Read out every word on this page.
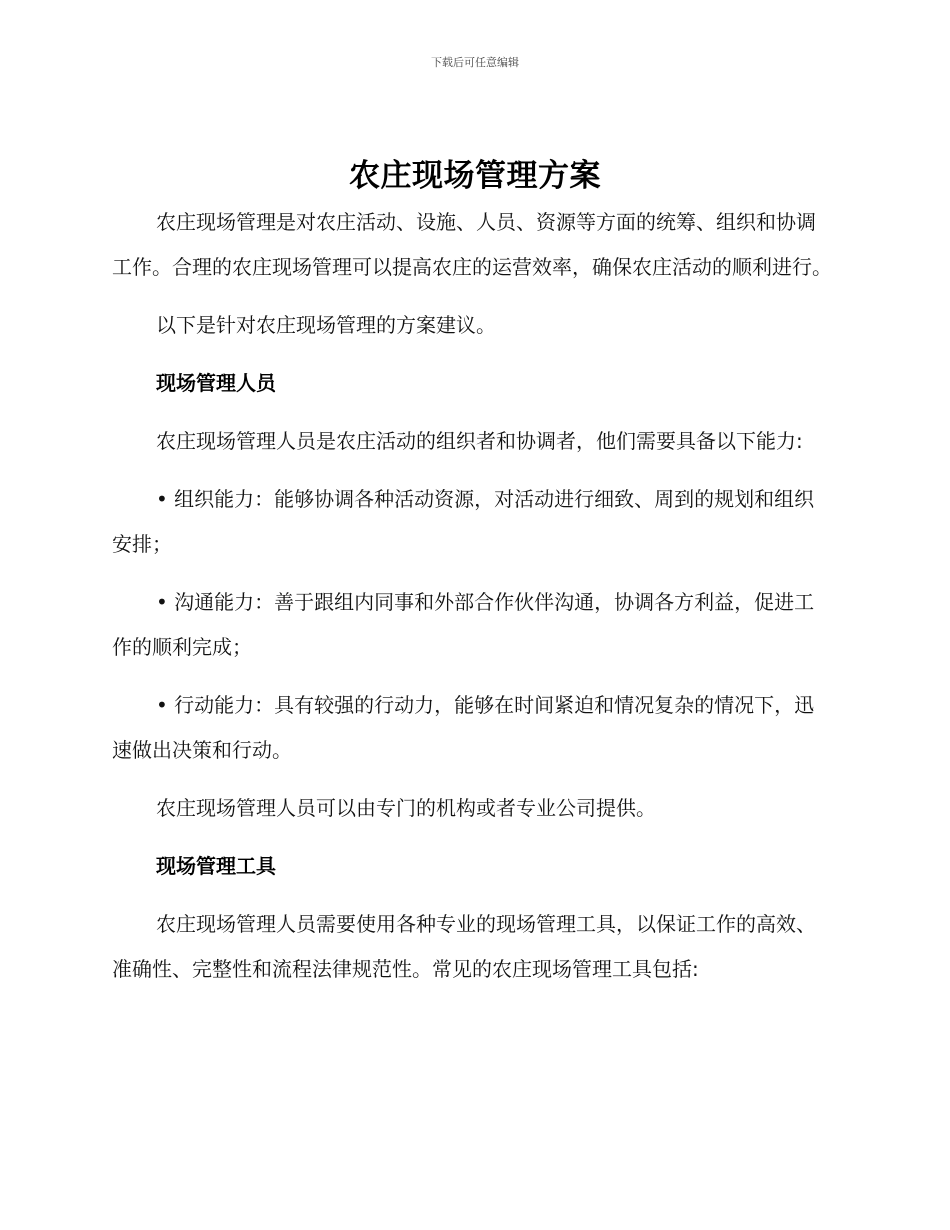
下载后可任意编辑
农庄现场管理方案

农庄现场管理是对农庄活动、设施、人员、资源等方面的统筹、组织和协调工作。合理的农庄现场管理可以提高农庄的运营效率，确保农庄活动的顺利进行。

以下是针对农庄现场管理的方案建议。

现场管理人员

农庄现场管理人员是农庄活动的组织者和协调者，他们需要具备以下能力:

• 组织能力：能够协调各种活动资源，对活动进行细致、周到的规划和组织安排；

• 沟通能力：善于跟组内同事和外部合作伙伴沟通，协调各方利益，促进工作的顺利完成；

• 行动能力：具有较强的行动力，能够在时间紧迫和情况复杂的情况下，迅速做出决策和行动。

农庄现场管理人员可以由专门的机构或者专业公司提供。

现场管理工具

农庄现场管理人员需要使用各种专业的现场管理工具，以保证工作的高效、准确性、完整性和流程法律规范性。常见的农庄现场管理工具包括:
